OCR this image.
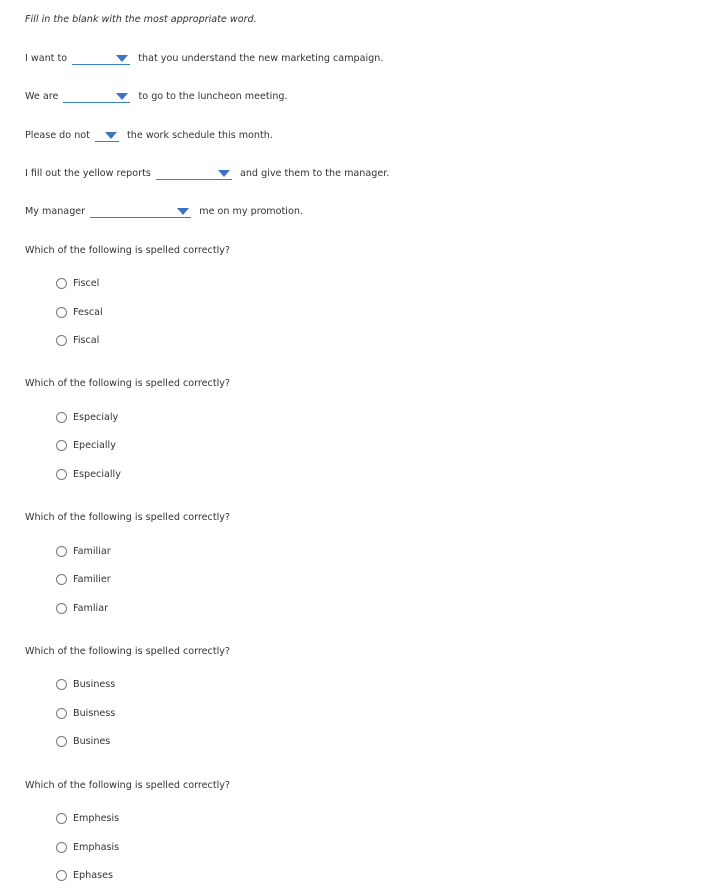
Fill in the blank with the most appropriate word.
I want to	that you understand the new marketing campaign.
We are	to go to the luncheon meeting.
Please do not	the work schedule this month.
I fill out the yellow reports	and give them to the manager.
My manager	me on my promotion.
Which of the following is spelled correctly?
Fiscel
Fescal
Fiscal
Which of the following is spelled correctly?
Especialy
Epecially
Especially
Which of the following is spelled correctly?
Familiar
Familier
Famliar
Which of the following is spelled correctly?
Business
Buisness
Busines
Which of the following is spelled correctly?
Emphesis
Emphasis
Ephases
